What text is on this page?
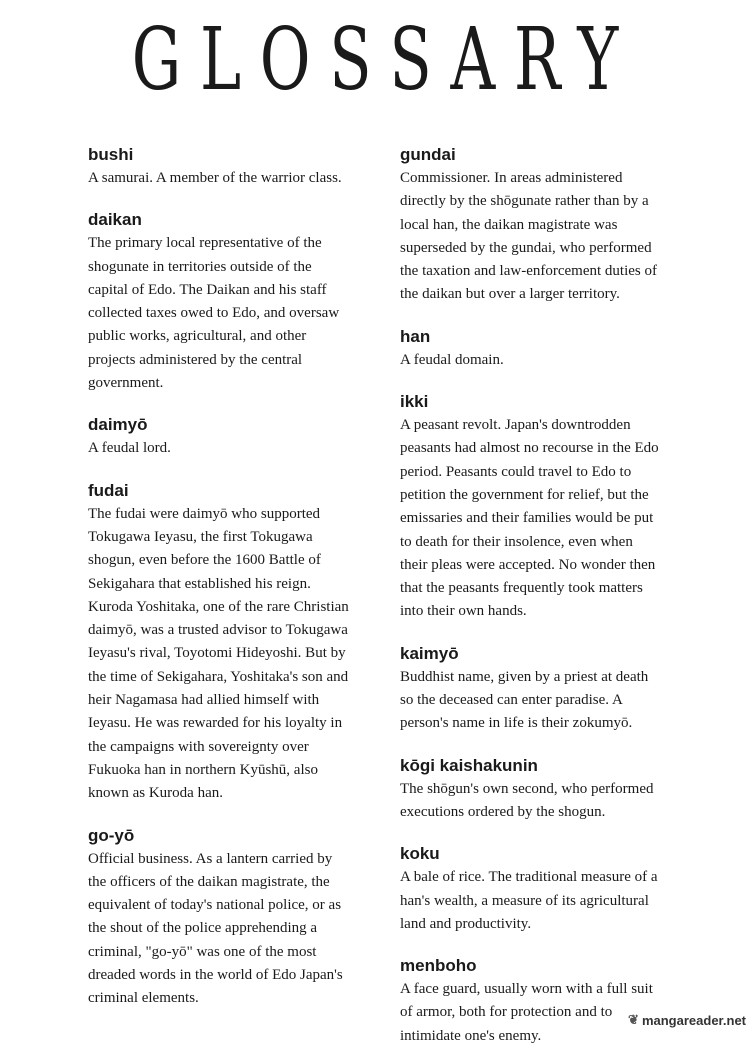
GLOSSARY
bushi

A samurai. A member of the warrior class.

daikan

The primary local representative of the shogunate in territories outside of the capital of Edo. The Daikan and his staff collected taxes owed to Edo, and oversaw public works, agricultural, and other projects administered by the central government.

daimyō

A feudal lord.

fudai

The fudai were daimyō who supported Tokugawa Ieyasu, the first Tokugawa shogun, even before the 1600 Battle of Sekigahara that established his reign. Kuroda Yoshitaka, one of the rare Christian daimyō, was a trusted advisor to Tokugawa Ieyasu's rival, Toyotomi Hideyoshi. But by the time of Sekigahara, Yoshitaka's son and heir Nagamasa had allied himself with Ieyasu. He was rewarded for his loyalty in the campaigns with sovereignty over Fukuoka han in northern Kyūshū, also known as Kuroda han.

go-yō

Official business. As a lantern carried by the officers of the daikan magistrate, the equivalent of today's national police, or as the shout of the police apprehending a criminal, "go-yō" was one of the most dreaded words in the world of Edo Japan's criminal elements.

gundai

Commissioner. In areas administered directly by the shōgunate rather than by a local han, the daikan magistrate was superseded by the gundai, who performed the taxation and law-enforcement duties of the daikan but over a larger territory.

han

A feudal domain.

ikki

A peasant revolt. Japan's downtrodden peasants had almost no recourse in the Edo period. Peasants could travel to Edo to petition the government for relief, but the emissaries and their families would be put to death for their insolence, even when their pleas were accepted. No wonder then that the peasants frequently took matters into their own hands.

kaimyō

Buddhist name, given by a priest at death so the deceased can enter paradise. A person's name in life is their zokumyō.

kōgi kaishakunin

The shōgun's own second, who performed executions ordered by the shogun.

koku

A bale of rice. The traditional measure of a han's wealth, a measure of its agricultural land and productivity.

menboho

A face guard, usually worn with a full suit of armor, both for protection and to intimidate one's enemy.

❦ mangareader.net
